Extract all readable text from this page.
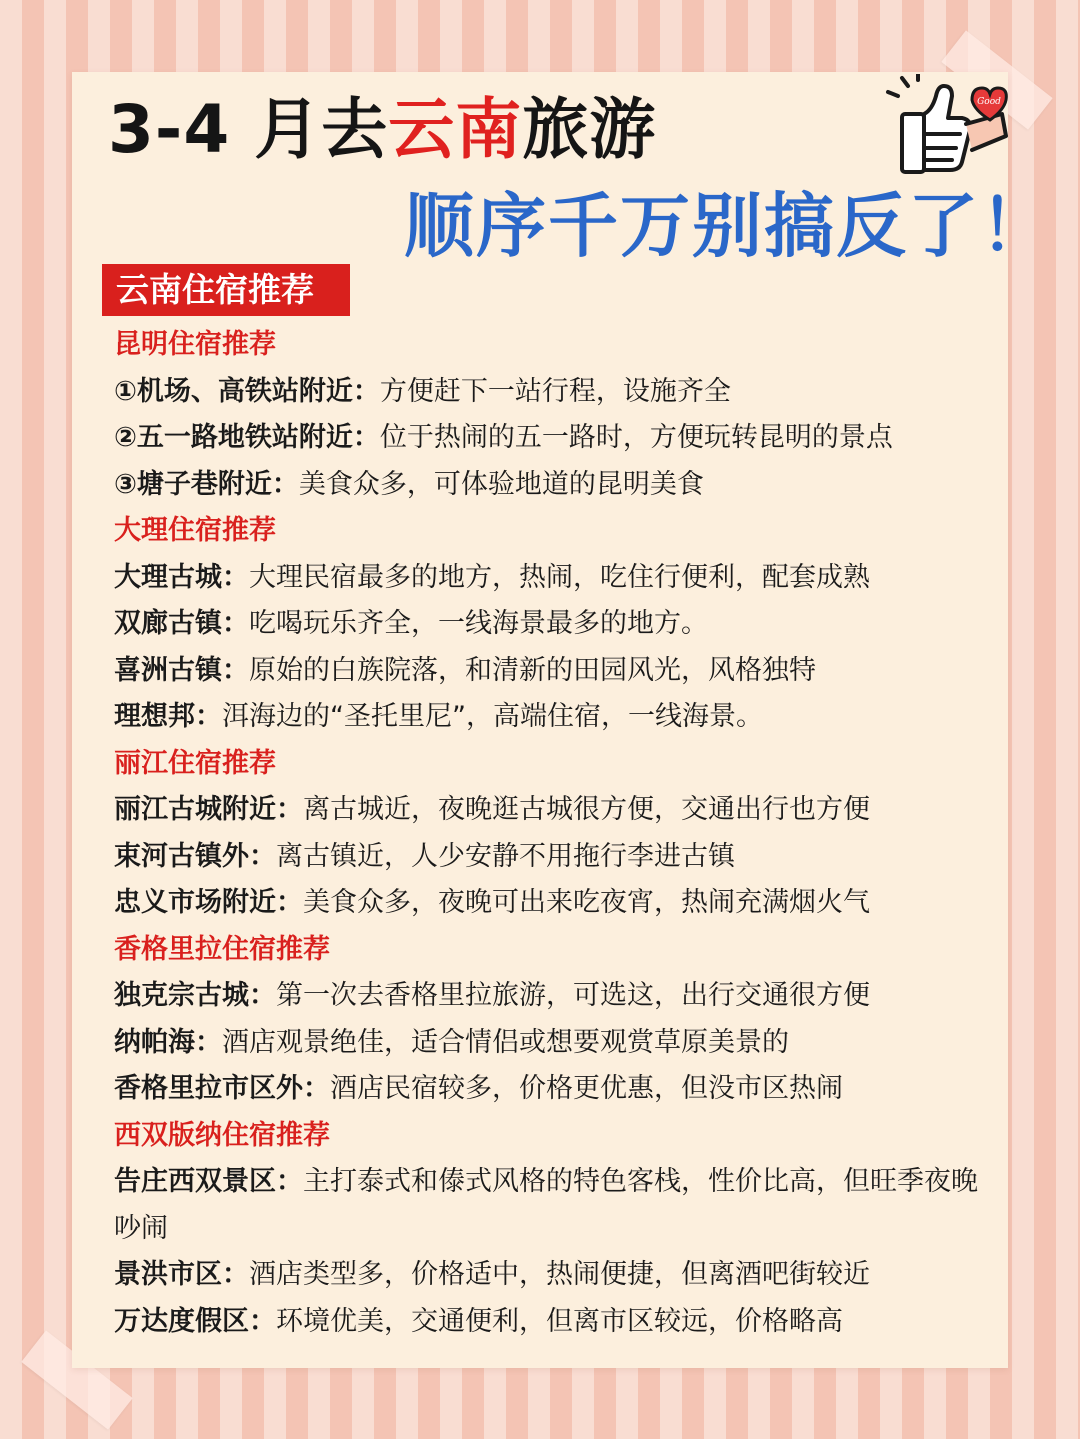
3-4 月去云南旅游
顺序千万别搞反了！
Good
云南住宿推荐
昆明住宿推荐
①机场、高铁站附近：方便赶下一站行程，设施齐全
②五一路地铁站附近：位于热闹的五一路时，方便玩转昆明的景点
③塘子巷附近：美食众多，可体验地道的昆明美食
大理住宿推荐
大理古城：大理民宿最多的地方，热闹，吃住行便利，配套成熟
双廊古镇：吃喝玩乐齐全，一线海景最多的地方。
喜洲古镇：原始的白族院落，和清新的田园风光，风格独特
理想邦：洱海边的“圣托里尼”，高端住宿，一线海景。
丽江住宿推荐
丽江古城附近：离古城近，夜晚逛古城很方便，交通出行也方便
束河古镇外：离古镇近，人少安静不用拖行李进古镇
忠义市场附近：美食众多，夜晚可出来吃夜宵，热闹充满烟火气
香格里拉住宿推荐
独克宗古城：第一次去香格里拉旅游，可选这，出行交通很方便
纳帕海：酒店观景绝佳，适合情侣或想要观赏草原美景的
香格里拉市区外：酒店民宿较多，价格更优惠，但没市区热闹
西双版纳住宿推荐
告庄西双景区：主打泰式和傣式风格的特色客栈，性价比高，但旺季夜晚吵闹
景洪市区：酒店类型多，价格适中，热闹便捷，但离酒吧街较近
万达度假区：环境优美，交通便利，但离市区较远，价格略高
